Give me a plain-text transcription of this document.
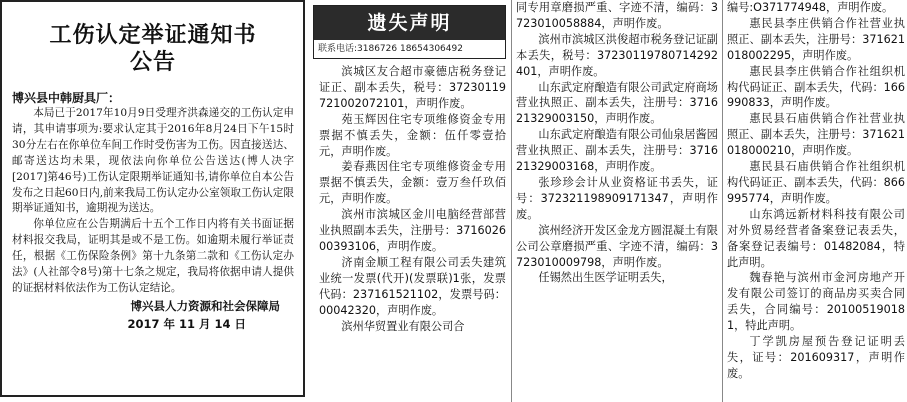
工伤认定举证通知书
公告
博兴县中韩厨具厂：

本局已于2017年10月9日受理齐洪森递交的工伤认定申请，其申请事项为:要求认定其于2016年8月24日下午15时30分左右在你单位车间工作时受伤害为工伤。因直接送达、邮寄送达均未果，现依法向你单位公告送达(博人决字[2017]第46号)工伤认定限期举证通知书,请你单位自本公告发布之日起60日内,前来我局工伤认定办公室领取工伤认定限期举证通知书，逾期视为送达。

你单位应在公告期满后十五个工作日内将有关书面证据材料报交我局，证明其是或不是工伤。如逾期未履行举证责任，根据《工伤保险条例》第十九条第二款和《工伤认定办法》(人社部令8号)第十七条之规定，我局将依据申请人提供的证据材料依法作为工伤认定结论。

博兴县人力资源和社会保障局
2017 年 11 月 14 日
遗失声明
联系电话:3186726 18654306492

滨城区友合超市豪德店税务登记证正、副本丢失，税号：372301197210020​72101，声明作废。

苑玉辉因住宅专项维修资金专用票据不慎丢失，金额：伍仟零壹拾元，声明作废。

姜春燕因住宅专项维修资金专用票据不慎丢失，金额：壹万叁仟玖佰元，声明作废。

滨州市滨城区金川电脑经营部营业执照副本丢失，注册号：371602600393106，声明作废。

济南金顺工程有限公司丢失建筑业统一发票(代开)(发票联)1张，发票代码：237161521102，发票号码：00042320，声明作废。

滨州华贸置业有限公司合

同专用章磨损严重、字迹不清，编码：3723010058884，声明作废。

滨州市滨城区洪俊超市税务登记证副本丢失，税号：372301197807142​92401，声明作废。

山东武定府酿造有限公司武定府商场营业执照正、副本丢失，注册号：371621329003150，声明作废。

山东武定府酿造有限公司仙泉居酱园营业执照正、副本丢失，注册号：371621329003168，声明作废。

张珍珍会计从业资格证书丢失，证号：372321198909171347，声明作废。

滨州经济开发区金龙方圆混凝土有限公司公章磨损严重、字迹不清，编码：3723010009798，声明作废。

任锡然出生医学证明丢失，

编号:O371774948，声明作废。

惠民县李庄供销合作社营业执照正、副本丢失，注册号：371621018002295，声明作废。

惠民县李庄供销合作社组织机构代码证正、副本丢失，代码：166990833，声明作废。

惠民县石庙供销合作社营业执照正、副本丢失，注册号：371621018000210，声明作废。

惠民县石庙供销合作社组织机构代码证正、副本丢失，代码：866995774，声明作废。

山东鸿远新材料科技有限公司对外贸易经营者备案登记表丢失，备案登记表编号：01482084，特此声明。

魏春艳与滨州市金河房地产开发有限公司签订的商品房买卖合同丢失，合同编号：201005190181，特此声明。

丁学凯房屋预告登记证明丢失，证号：201609317，声明作废。
